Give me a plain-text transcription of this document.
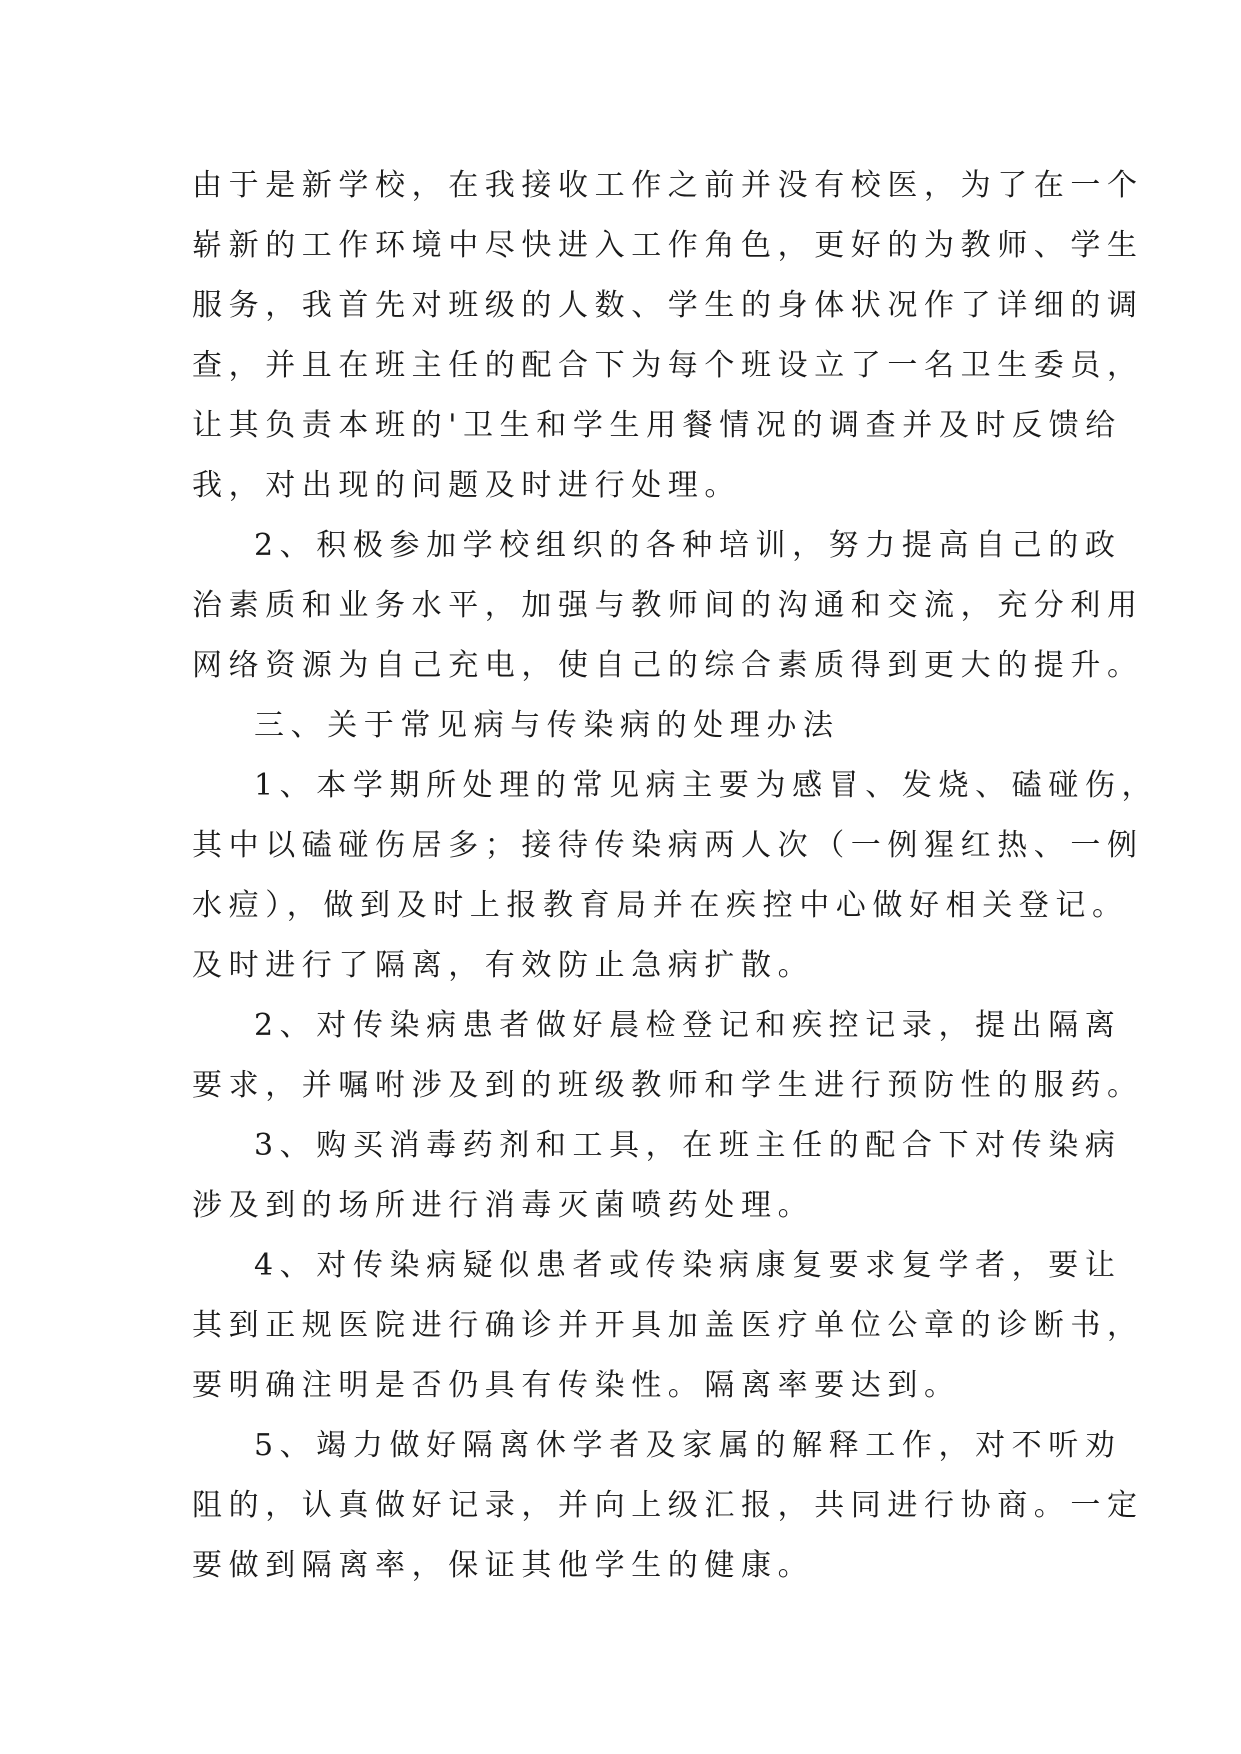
由于是新学校，在我接收工作之前并没有校医，为了在一个
崭新的工作环境中尽快进入工作角色，更好的为教师、学生
服务，我首先对班级的人数、学生的身体状况作了详细的调
查，并且在班主任的配合下为每个班设立了一名卫生委员，
让其负责本班的'卫生和学生用餐情况的调查并及时反馈给
我，对出现的问题及时进行处理。
2、积极参加学校组织的各种培训，努力提高自己的政
治素质和业务水平，加强与教师间的沟通和交流，充分利用
网络资源为自己充电，使自己的综合素质得到更大的提升。
三、关于常见病与传染病的处理办法
1、本学期所处理的常见病主要为感冒、发烧、磕碰伤，
其中以磕碰伤居多；接待传染病两人次（一例猩红热、一例
水痘），做到及时上报教育局并在疾控中心做好相关登记。
及时进行了隔离，有效防止急病扩散。
2、对传染病患者做好晨检登记和疾控记录，提出隔离
要求，并嘱咐涉及到的班级教师和学生进行预防性的服药。
3、购买消毒药剂和工具，在班主任的配合下对传染病
涉及到的场所进行消毒灭菌喷药处理。
4、对传染病疑似患者或传染病康复要求复学者，要让
其到正规医院进行确诊并开具加盖医疗单位公章的诊断书，
要明确注明是否仍具有传染性。隔离率要达到。
5、竭力做好隔离休学者及家属的解释工作，对不听劝
阻的，认真做好记录，并向上级汇报，共同进行协商。一定
要做到隔离率，保证其他学生的健康。
